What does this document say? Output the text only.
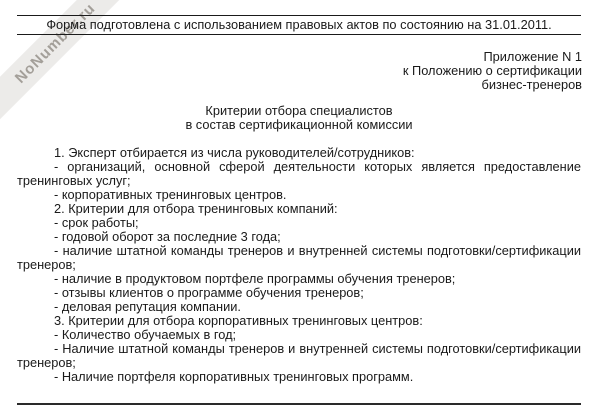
NoNumber.ru
Форма подготовлена с использованием правовых актов по состоянию на 31.01.2011.
Приложение N 1
к Положению о сертификации
бизнес-тренеров
Критерии отбора специалистов
в состав сертификационной комиссии

1. Эксперт отбирается из числа руководителей/сотрудников:

- организаций, основной сферой деятельности которых является предоставление тренинговых услуг;

- корпоративных тренинговых центров.

2. Критерии для отбора тренинговых компаний:

- срок работы;

- годовой оборот за последние 3 года;

- наличие штатной команды тренеров и внутренней системы подготовки/сертификации тренеров;

- наличие в продуктовом портфеле программы обучения тренеров;

- отзывы клиентов о программе обучения тренеров;

- деловая репутация компании.

3. Критерии для отбора корпоративных тренинговых центров:

- Количество обучаемых в год;

- Наличие штатной команды тренеров и внутренней системы подготовки/сертификации тренеров;

- Наличие портфеля корпоративных тренинговых программ.
